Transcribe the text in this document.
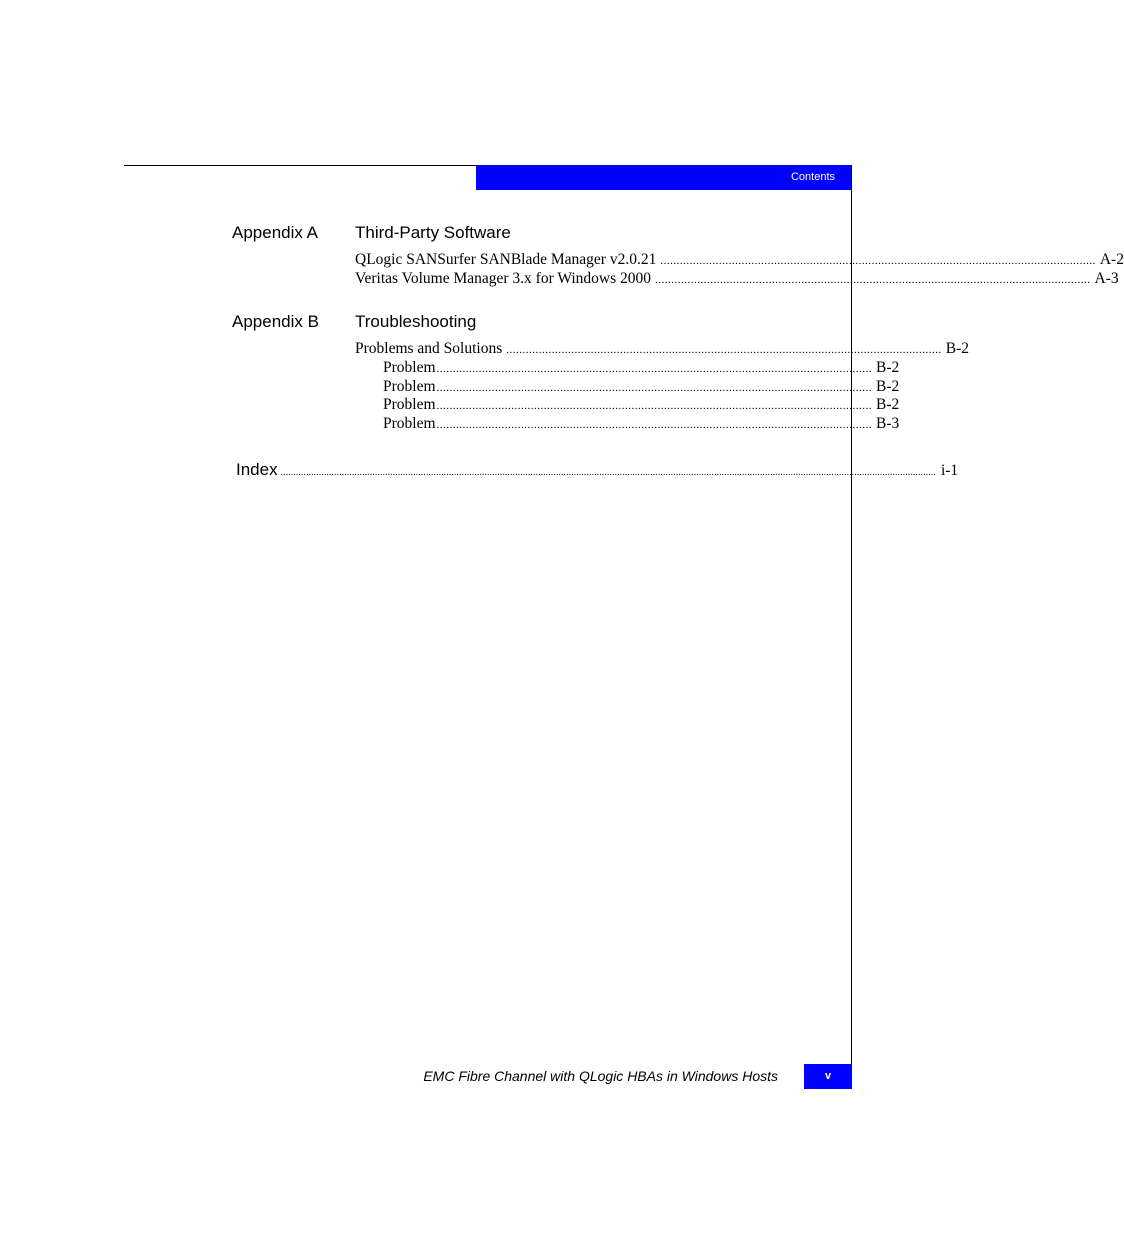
Contents
Appendix A Third-Party Software
QLogic SANSurfer SANBlade Manager v2.0.21 ...................................................................................................................................... A-2
Veritas Volume Manager 3.x for Windows 2000 ...................................................................................................................................... A-3
Appendix B Troubleshooting
Problems and Solutions ...................................................................................................................................... B-2
Problem ...................................................................................................................................... B-2
Problem ...................................................................................................................................... B-2
Problem ...................................................................................................................................... B-2
Problem ...................................................................................................................................... B-3
Index ................................................................................................................................................................................................................................................................. i-1
EMC Fibre Channel with QLogic HBAs in Windows Hosts	v
